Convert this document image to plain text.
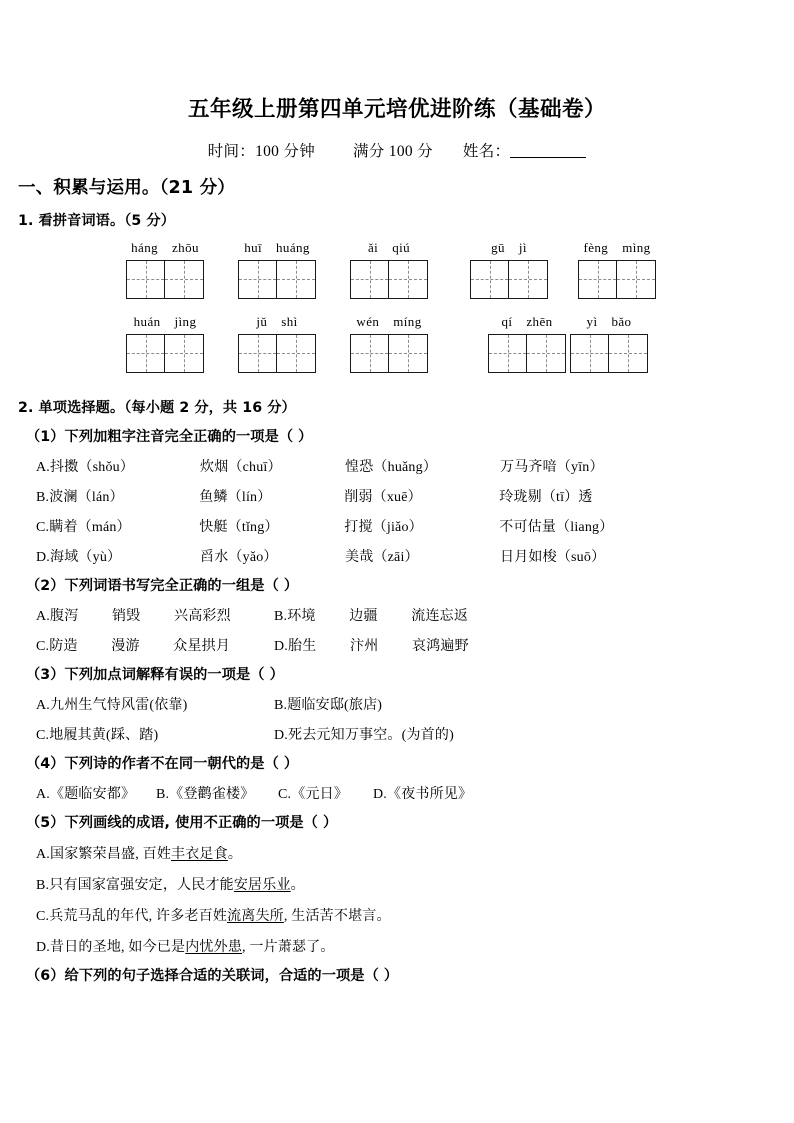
五年级上册第四单元培优进阶练（基础卷）
时间：100 分钟 满分 100 分 姓名：
一、积累与运用。（21 分）
1. 看拼音词语。（5 分）
háng zhōu	huī huáng	ǎi qiú	gū jì	fèng mìng
huán jìng	jǔ shì	wén míng	qí zhēn	yì bǎo
2. 单项选择题。（每小题 2 分，共 16 分）
（1）下列加粗字注音完全正确的一项是（ ）
A.抖擞（shǒu）	炊烟（chuī）	惶恐（huǎng）	万马齐喑（yīn）
B.波澜（lán）	鱼鳞（lín）	削弱（xuē）	玲珑剔（tī）透
C.瞒着（mán）	快艇（tǐng）	打搅（jiǎo）	不可估量（liang）
D.海域（yù）	舀水（yǎo）	美哉（zāi）	日月如梭（suō）
（2）下列词语书写完全正确的一组是（ ）
A.腹泻 销毁 兴高彩烈	B.环境 边疆 流连忘返
C.防造 漫游 众星拱月	D.胎生 汴州 哀鸿遍野
（3）下列加点词解释有误的一项是（ ）
A.九州生气恃风雷(依靠)	B.题临安邸(旅店)
C.地履其黄(踩、踏)	D.死去元知万事空。(为首的)
（4）下列诗的作者不在同一朝代的是（ ）
A.《题临安都》 B.《登鹳雀楼》 C.《元日》 D.《夜书所见》
（5）下列画线的成语, 使用不正确的一项是（ ）
A.国家繁荣昌盛, 百姓丰衣足食。
B.只有国家富强安定，人民才能安居乐业。
C.兵荒马乱的年代, 许多老百姓流离失所, 生活苦不堪言。
D.昔日的圣地, 如今已是内忧外患, 一片萧瑟了。
（6）给下列的句子选择合适的关联词，合适的一项是（ ）
